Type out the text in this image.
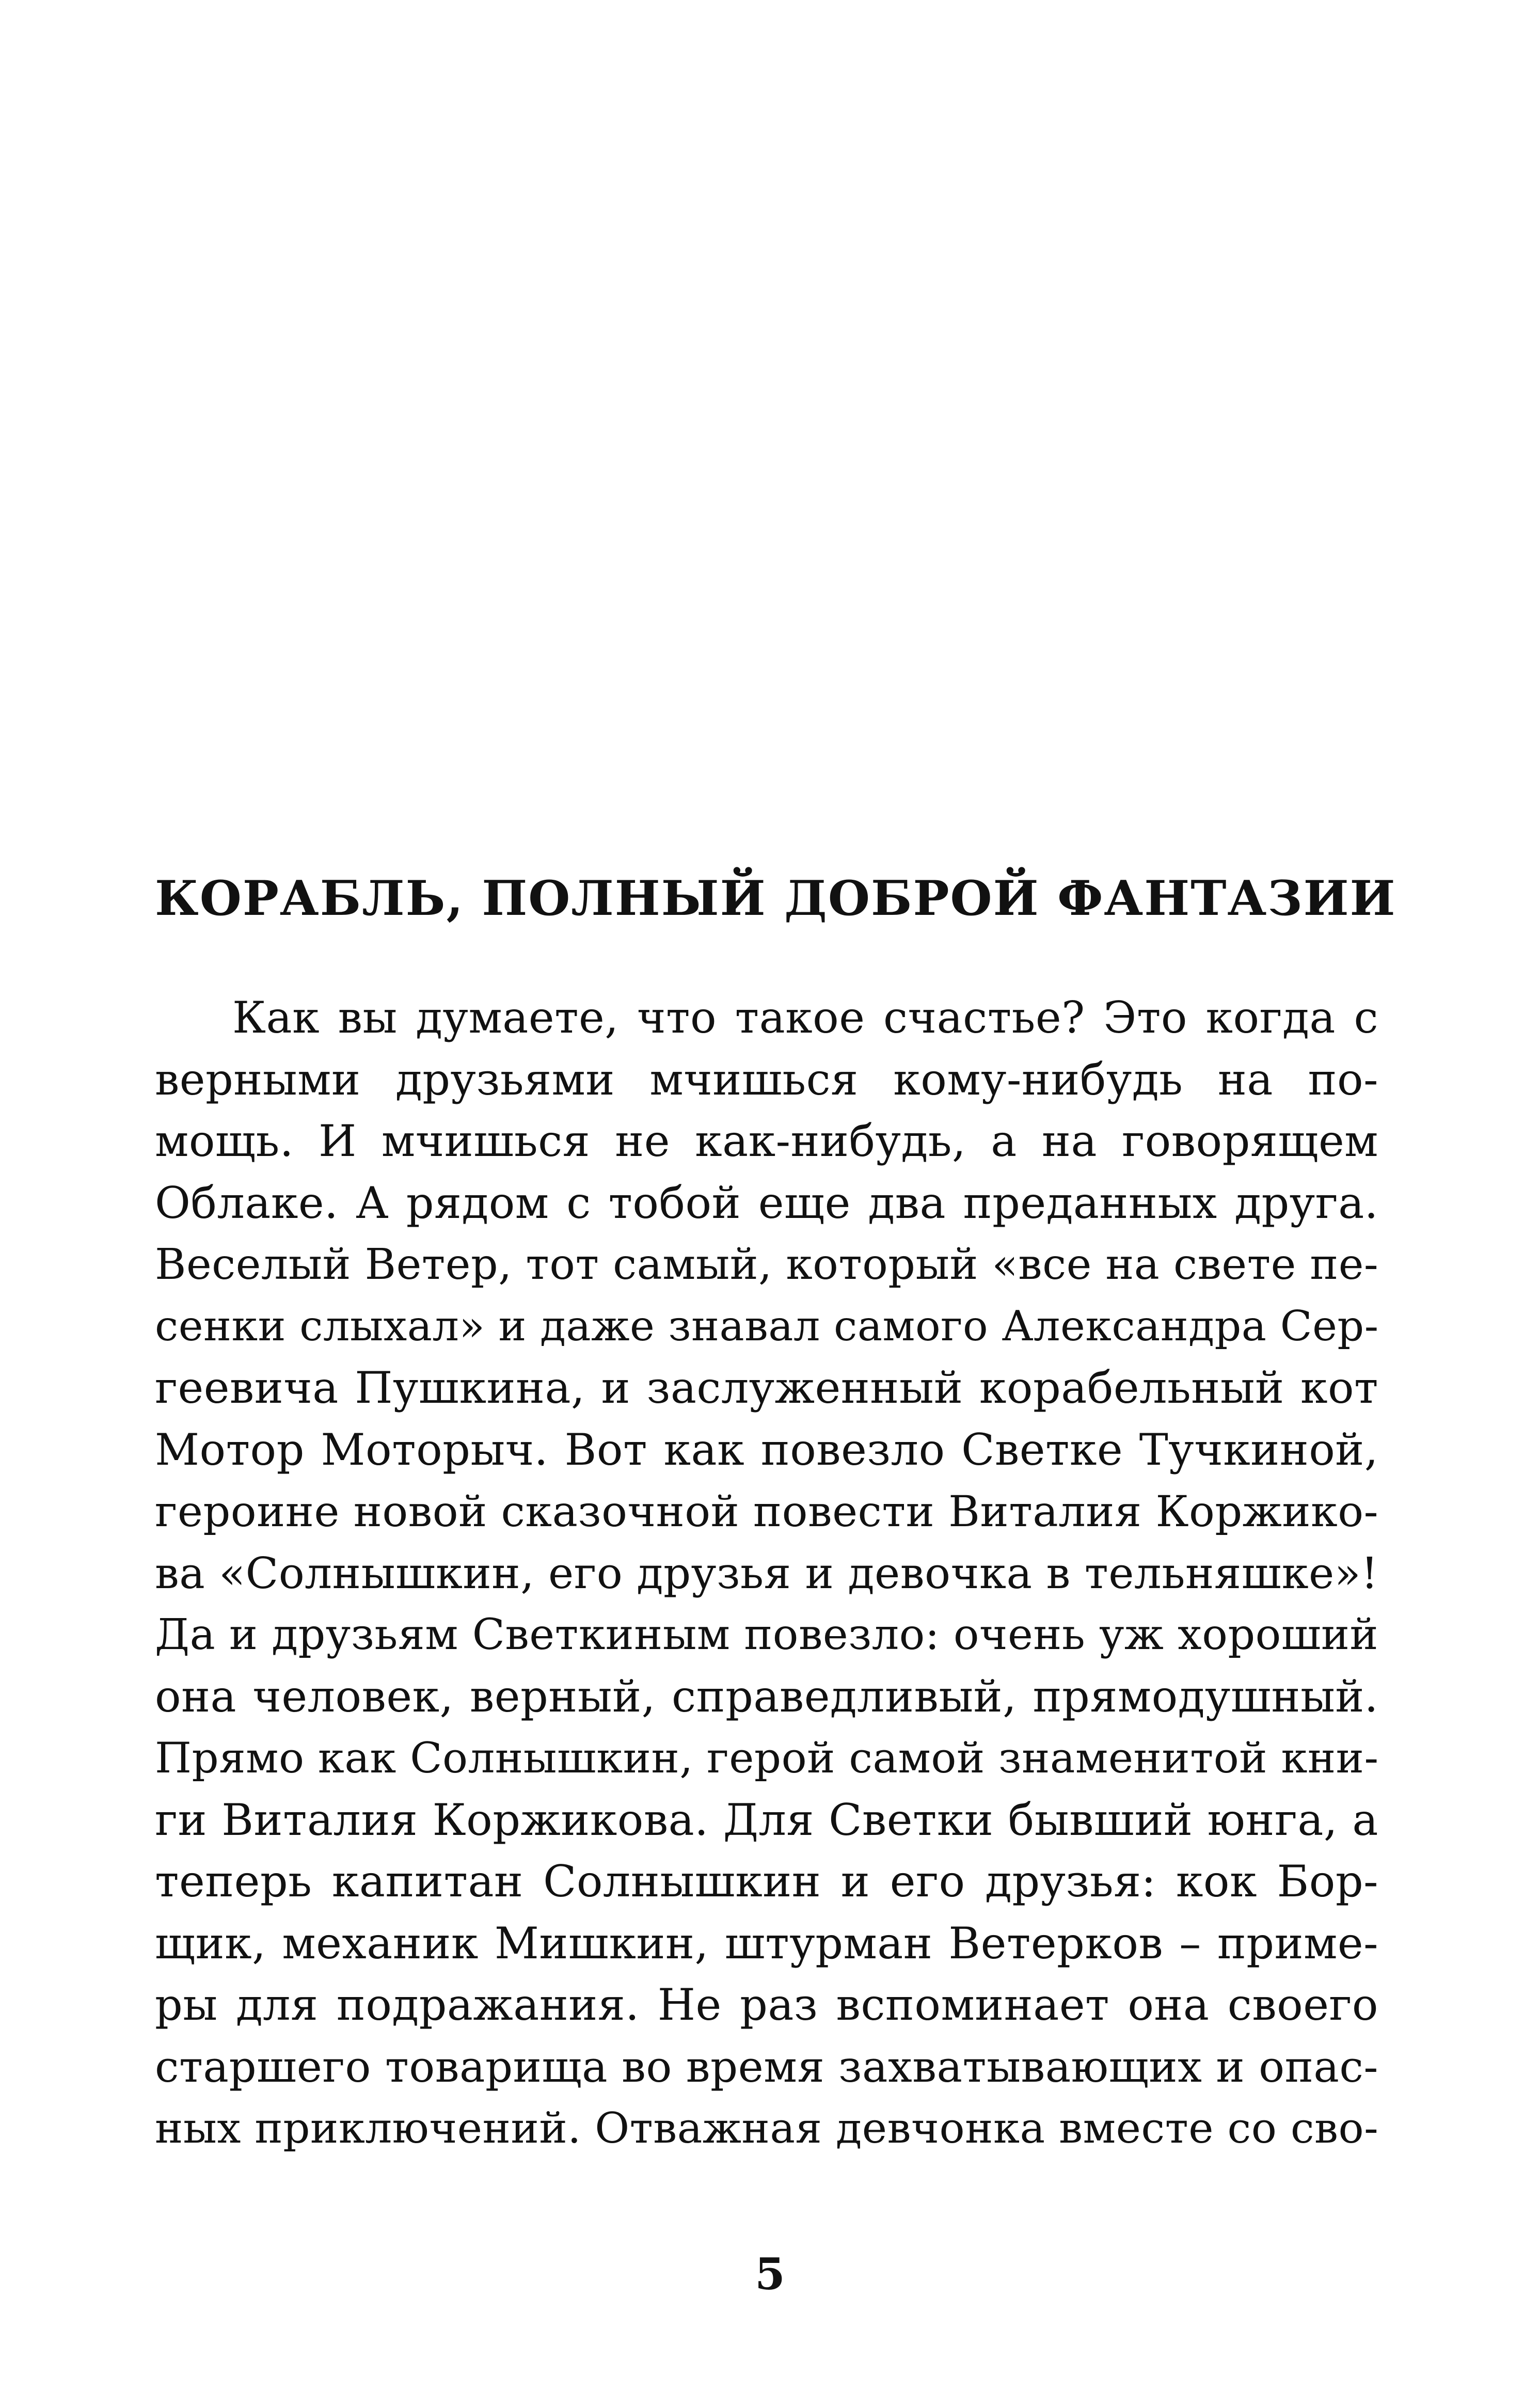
КОРАБЛЬ, ПОЛНЫЙ ДОБРОЙ ФАНТАЗИИ
Как вы думаете, что такое счастье? Это когда с
верными друзьями мчишься кому-нибудь на по-
мощь. И мчишься не как-нибудь, а на говорящем
Облаке. А рядом с тобой еще два преданных друга.
Веселый Ветер, тот самый, который «все на свете пе-
сенки слыхал» и даже знавал самого Александра Сер-
геевича Пушкина, и заслуженный корабельный кот
Мотор Моторыч. Вот как повезло Светке Тучкиной,
героине новой сказочной повести Виталия Коржико-
ва «Солнышкин, его друзья и девочка в тельняшке»!
Да и друзьям Светкиным повезло: очень уж хороший
она человек, верный, справедливый, прямодушный.
Прямо как Солнышкин, герой самой знаменитой кни-
ги Виталия Коржикова. Для Светки бывший юнга, а
теперь капитан Солнышкин и его друзья: кок Бор-
щик, механик Мишкин, штурман Ветерков – приме-
ры для подражания. Не раз вспоминает она своего
старшего товарища во время захватывающих и опас-
ных приключений. Отважная девчонка вместе со сво-
5
